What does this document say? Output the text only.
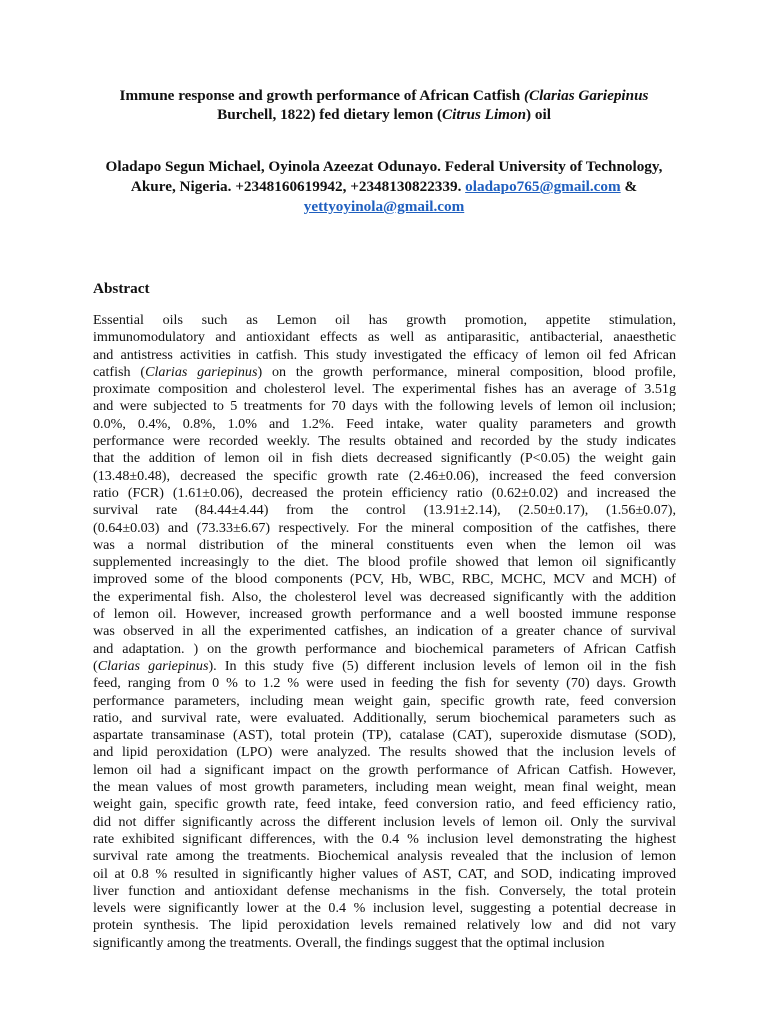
Immune response and growth performance of African Catfish (Clarias Gariepinus
Burchell, 1822) fed dietary lemon (Citrus Limon) oil
Oladapo Segun Michael, Oyinola Azeezat Odunayo. Federal University of Technology,
Akure, Nigeria. +2348160619942, +2348130822339. oladapo765@gmail.com &
yettyoyinola@gmail.com
Abstract
Essential oils such as Lemon oil has growth promotion, appetite stimulation,
immunomodulatory and antioxidant effects as well as antiparasitic, antibacterial, anaesthetic
and antistress activities in catfish. This study investigated the efficacy of lemon oil fed African
catfish (Clarias gariepinus) on the growth performance, mineral composition, blood profile,
proximate composition and cholesterol level. The experimental fishes has an average of 3.51g
and were subjected to 5 treatments for 70 days with the following levels of lemon oil inclusion;
0.0%, 0.4%, 0.8%, 1.0% and 1.2%. Feed intake, water quality parameters and growth
performance were recorded weekly. The results obtained and recorded by the study indicates
that the addition of lemon oil in fish diets decreased significantly (P<0.05) the weight gain
(13.48±0.48), decreased the specific growth rate (2.46±0.06), increased the feed conversion
ratio (FCR) (1.61±0.06), decreased the protein efficiency ratio (0.62±0.02) and increased the
survival rate (84.44±4.44) from the control (13.91±2.14), (2.50±0.17), (1.56±0.07),
(0.64±0.03) and (73.33±6.67) respectively. For the mineral composition of the catfishes, there
was a normal distribution of the mineral constituents even when the lemon oil was
supplemented increasingly to the diet. The blood profile showed that lemon oil significantly
improved some of the blood components (PCV, Hb, WBC, RBC, MCHC, MCV and MCH) of
the experimental fish. Also, the cholesterol level was decreased significantly with the addition
of lemon oil. However, increased growth performance and a well boosted immune response
was observed in all the experimented catfishes, an indication of a greater chance of survival
and adaptation. ) on the growth performance and biochemical parameters of African Catfish
(Clarias gariepinus). In this study five (5) different inclusion levels of lemon oil in the fish
feed, ranging from 0 % to 1.2 % were used in feeding the fish for seventy (70) days. Growth
performance parameters, including mean weight gain, specific growth rate, feed conversion
ratio, and survival rate, were evaluated. Additionally, serum biochemical parameters such as
aspartate transaminase (AST), total protein (TP), catalase (CAT), superoxide dismutase (SOD),
and lipid peroxidation (LPO) were analyzed. The results showed that the inclusion levels of
lemon oil had a significant impact on the growth performance of African Catfish. However,
the mean values of most growth parameters, including mean weight, mean final weight, mean
weight gain, specific growth rate, feed intake, feed conversion ratio, and feed efficiency ratio,
did not differ significantly across the different inclusion levels of lemon oil. Only the survival
rate exhibited significant differences, with the 0.4 % inclusion level demonstrating the highest
survival rate among the treatments. Biochemical analysis revealed that the inclusion of lemon
oil at 0.8 % resulted in significantly higher values of AST, CAT, and SOD, indicating improved
liver function and antioxidant defense mechanisms in the fish. Conversely, the total protein
levels were significantly lower at the 0.4 % inclusion level, suggesting a potential decrease in
protein synthesis. The lipid peroxidation levels remained relatively low and did not vary
significantly among the treatments. Overall, the findings suggest that the optimal inclusion
